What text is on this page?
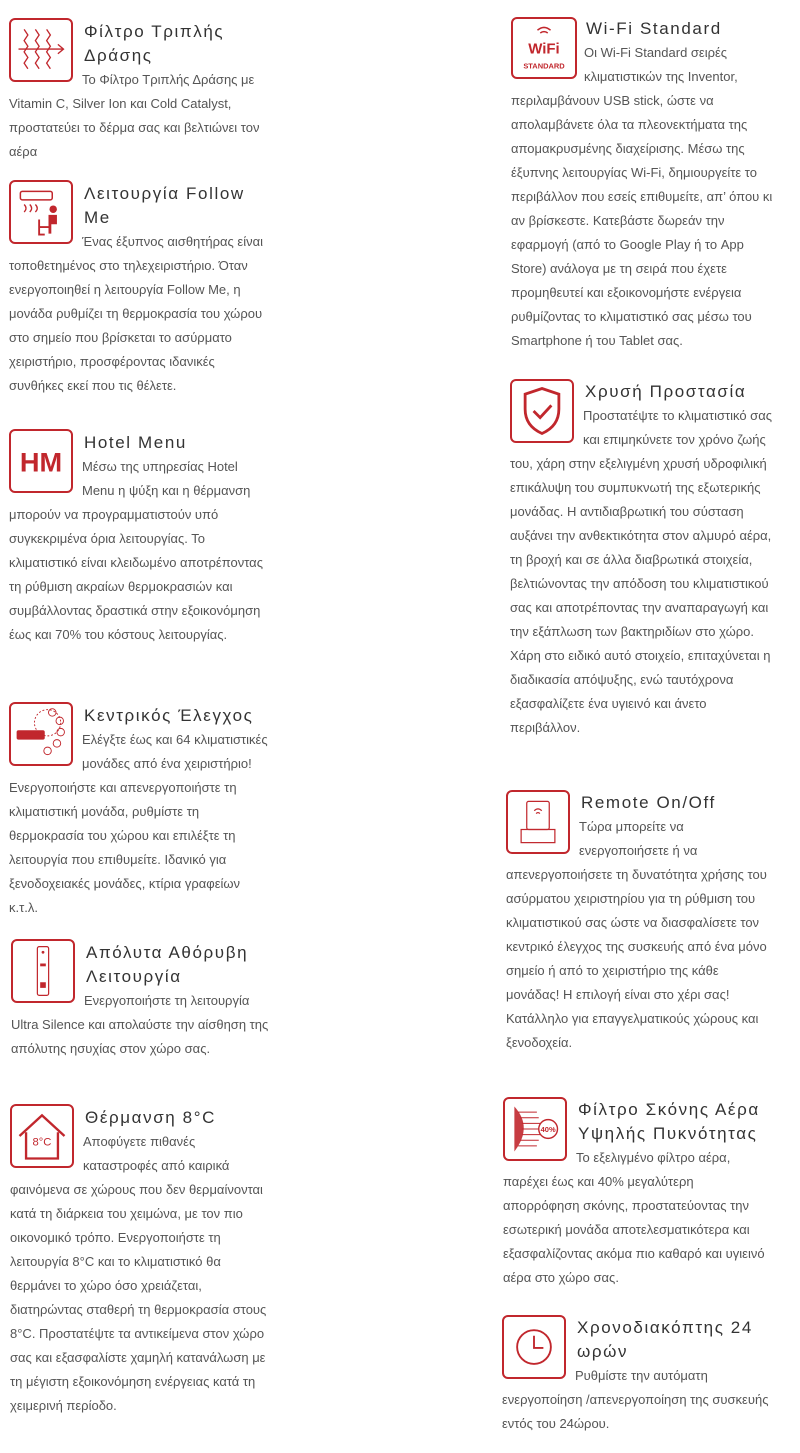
Φίλτρο Τριπλής Δράσης

Το Φίλτρο Τριπλής Δράσης με Vitamin C, Silver Ion και Cold Catalyst, προστατεύει το δέρμα σας και βελτιώνει τον αέρα

Λειτουργία Follow Me

Ένας έξυπνος αισθητήρας είναι τοποθετημένος στο τηλεχειριστήριο. Όταν ενεργοποιηθεί η λειτουργία Follow Me, η μονάδα ρυθμίζει τη θερμοκρασία του χώρου στο σημείο που βρίσκεται το ασύρματο χειριστήριο, προσφέροντας ιδανικές συνθήκες εκεί που τις θέλετε.

HM
Hotel Menu

Μέσω της υπηρεσίας Hotel Menu η ψύξη και η θέρμανση μπορούν να προγραμματιστούν υπό συγκεκριμένα όρια λειτουργίας. Το κλιματιστικό είναι κλειδωμένο αποτρέποντας τη ρύθμιση ακραίων θερμοκρασιών και συμβάλλοντας δραστικά στην εξοικονόμηση έως και 70% του κόστους λειτουργίας.

Κεντρικός Έλεγχος

Ελέγξτε έως και 64 κλιματιστικές μονάδες από ένα χειριστήριο! Ενεργοποιήστε και απενεργοποιήστε τη κλιματιστική μονάδα, ρυθμίστε τη θερμοκρασία του χώρου και επιλέξτε τη λειτουργία που επιθυμείτε. Ιδανικό για ξενοδοχειακές μονάδες, κτίρια γραφείων κ.τ.λ.

Απόλυτα Αθόρυβη Λειτουργία

Ενεργοποιήστε τη λειτουργία Ultra Silence και απολαύστε την αίσθηση της απόλυτης ησυχίας στον χώρο σας.

8°C
Θέρμανση 8°C

Αποφύγετε πιθανές καταστροφές από καιρικά φαινόμενα σε χώρους που δεν θερμαίνονται κατά τη διάρκεια του χειμώνα, με τον πιο οικονομικό τρόπο. Ενεργοποιήστε τη λειτουργία 8°C και το κλιματιστικό θα θερμάνει το χώρο όσο χρειάζεται, διατηρώντας σταθερή τη θερμοκρασία στους 8°C. Προστατέψτε τα αντικείμενα στον χώρο σας και εξασφαλίστε χαμηλή κατανάλωση με τη μέγιστη εξοικονόμηση ενέργειας κατά τη χειμερινή περίοδο.

WiFi
STANDARD
Wi-Fi Standard

Οι Wi-Fi Standard σειρές κλιματιστικών της Inventor, περιλαμβάνουν USB stick, ώστε να απολαμβάνετε όλα τα πλεονεκτήματα της απομακρυσμένης διαχείρισης. Μέσω της έξυπνης λειτουργίας Wi-Fi, δημιουργείτε το περιβάλλον που εσείς επιθυμείτε, απ’ όπου κι αν βρίσκεστε. Κατεβάστε δωρεάν την εφαρμογή (από το Google Play ή το App Store) ανάλογα με τη σειρά που έχετε προμηθευτεί και εξοικονομήστε ενέργεια ρυθμίζοντας το κλιματιστικό σας μέσω του Smartphone ή του Tablet σας.

Χρυσή Προστασία

Προστατέψτε το κλιματιστικό σας και επιμηκύνετε τον χρόνο ζωής του, χάρη στην εξελιγμένη χρυσή υδροφιλική επικάλυψη του συμπυκνωτή της εξωτερικής μονάδας. Η αντιδιαβρωτική του σύσταση αυξάνει την ανθεκτικότητα στον αλμυρό αέρα, τη βροχή και σε άλλα διαβρωτικά στοιχεία, βελτιώνοντας την απόδοση του κλιματιστικού σας και αποτρέποντας την αναπαραγωγή και την εξάπλωση των βακτηριδίων στο χώρο. Χάρη στο ειδικό αυτό στοιχείο, επιταχύνεται η διαδικασία απόψυξης, ενώ ταυτόχρονα εξασφαλίζετε ένα υγιεινό και άνετο περιβάλλον.

Remote On/Off

Τώρα μπορείτε να ενεργοποιήσετε ή να απενεργοποιήσετε τη δυνατότητα χρήσης του ασύρματου χειριστηρίου για τη ρύθμιση του κλιματιστικού σας ώστε να διασφαλίσετε τον κεντρικό έλεγχος της συσκευής από ένα μόνο σημείο ή από το χειριστήριο της κάθε μονάδας! Η επιλογή είναι στο χέρι σας! Κατάλληλο για επαγγελματικούς χώρους και ξενοδοχεία.

40%
Φίλτρο Σκόνης Αέρα Υψηλής Πυκνότητας

Το εξελιγμένο φίλτρο αέρα, παρέχει έως και 40% μεγαλύτερη απορρόφηση σκόνης, προστατεύοντας την εσωτερική μονάδα αποτελεσματικότερα και εξασφαλίζοντας ακόμα πιο καθαρό και υγιεινό αέρα στο χώρο σας.

Χρονοδιακόπτης 24 ωρών

Ρυθμίστε την αυτόματη ενεργοποίηση /απενεργοποίηση της συσκευής εντός του 24ώρου.
